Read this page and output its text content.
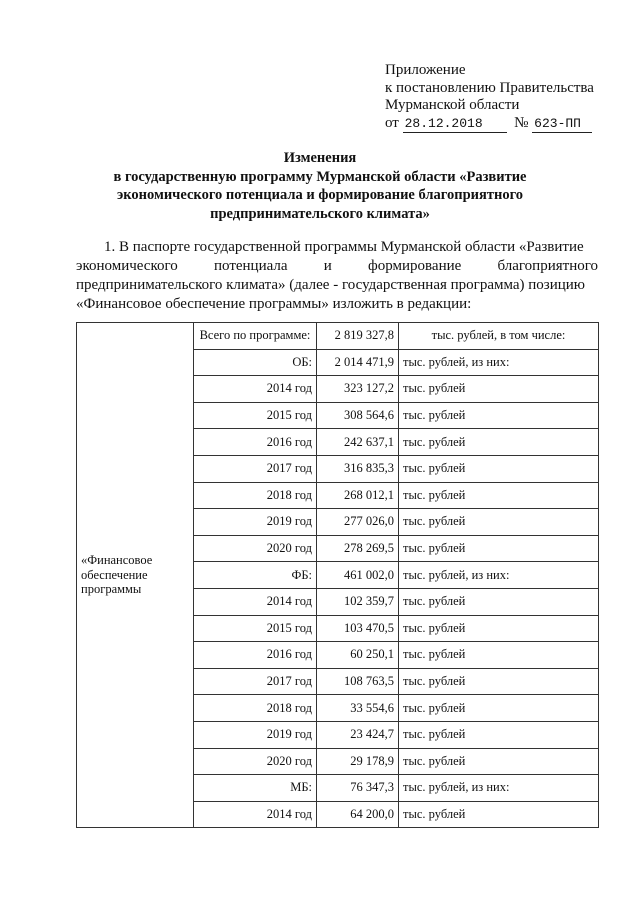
Приложение
к постановлению Правительства
Мурманской области
от 28.12.2018 № 623-ПП
Изменения
в государственную программу Мурманской области «Развитие
экономического потенциала и формирование благоприятного
предпринимательского климата»
1. В паспорте государственной программы Мурманской области «Развитие
экономического потенциала и формирование благоприятного
предпринимательского климата» (далее - государственная программа) позицию
«Финансовое обеспечение программы» изложить в редакции:
«Финансовое обеспечение программы	Всего по программе:	2 819 327,8	тыс. рублей, в том числе:
	ОБ:	2 014 471,9	тыс. рублей, из них:
	2014 год	323 127,2	тыс. рублей
	2015 год	308 564,6	тыс. рублей
	2016 год	242 637,1	тыс. рублей
	2017 год	316 835,3	тыс. рублей
	2018 год	268 012,1	тыс. рублей
	2019 год	277 026,0	тыс. рублей
	2020 год	278 269,5	тыс. рублей
	ФБ:	461 002,0	тыс. рублей, из них:
	2014 год	102 359,7	тыс. рублей
	2015 год	103 470,5	тыс. рублей
	2016 год	60 250,1	тыс. рублей
	2017 год	108 763,5	тыс. рублей
	2018 год	33 554,6	тыс. рублей
	2019 год	23 424,7	тыс. рублей
	2020 год	29 178,9	тыс. рублей
	МБ:	76 347,3	тыс. рублей, из них:
	2014 год	64 200,0	тыс. рублей
